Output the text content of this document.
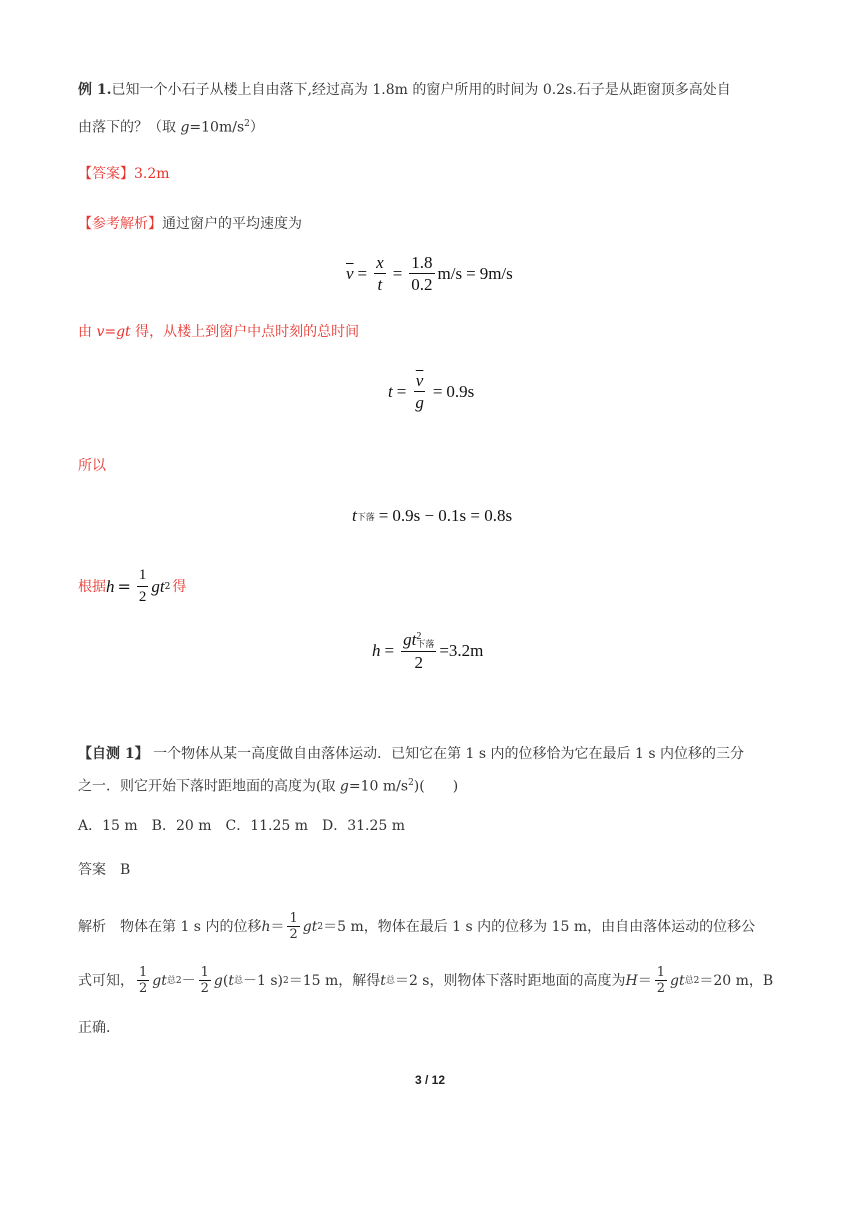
例 1.已知一个小石子从楼上自由落下,经过高为 1.8m 的窗户所用的时间为 0.2s.石子是从距窗顶多高处自
由落下的？（取 $g=10m/s^2$）
【答案】3.2m
【参考解析】通过窗户的平均速度为
$\overline{v} = \frac{x}{t} = \frac{1.8}{0.2} m/s = 9m/s$
由 v=gt 得，从楼上到窗户中点时刻的总时间
$t = \frac{\overline{v}}{g} = 0.9s$
所以
t 下落 = 0.9s − 0.1s = 0.8s
根据 $h = \frac{1}{2}$ gt 2 得
h = gt 2
下落
2 =3.2m
【自测 1】 一个物体从某一高度做自由落体运动．已知它在第 1 s 内的位移恰为它在最后 1 s 内位移的三分
之一．则它开始下落时距地面的高度为(取 g=10 $m/s^2$)(　　)
A．15 m　B．20 m　C．11.25 m　D．31.25 m
答案　B
解析　物体在第 1 s 内的位移 $h = \frac{1}{2}$ gt 2 ＝5 m，物体在最后 1 s 内的位移为 15 m，由自由落体运动的位移公
式可知， $\frac{1}{2}$ gt 总 $2 - \frac{1}{2}$ g ( t 总 －1 s) 2 ＝15 m，解得 t 总 ＝2 s，则物体下落时距地面的高度为 $H = \frac{1}{2}$ gt 总 2 ＝20 m，B
正确.
3 / 12
